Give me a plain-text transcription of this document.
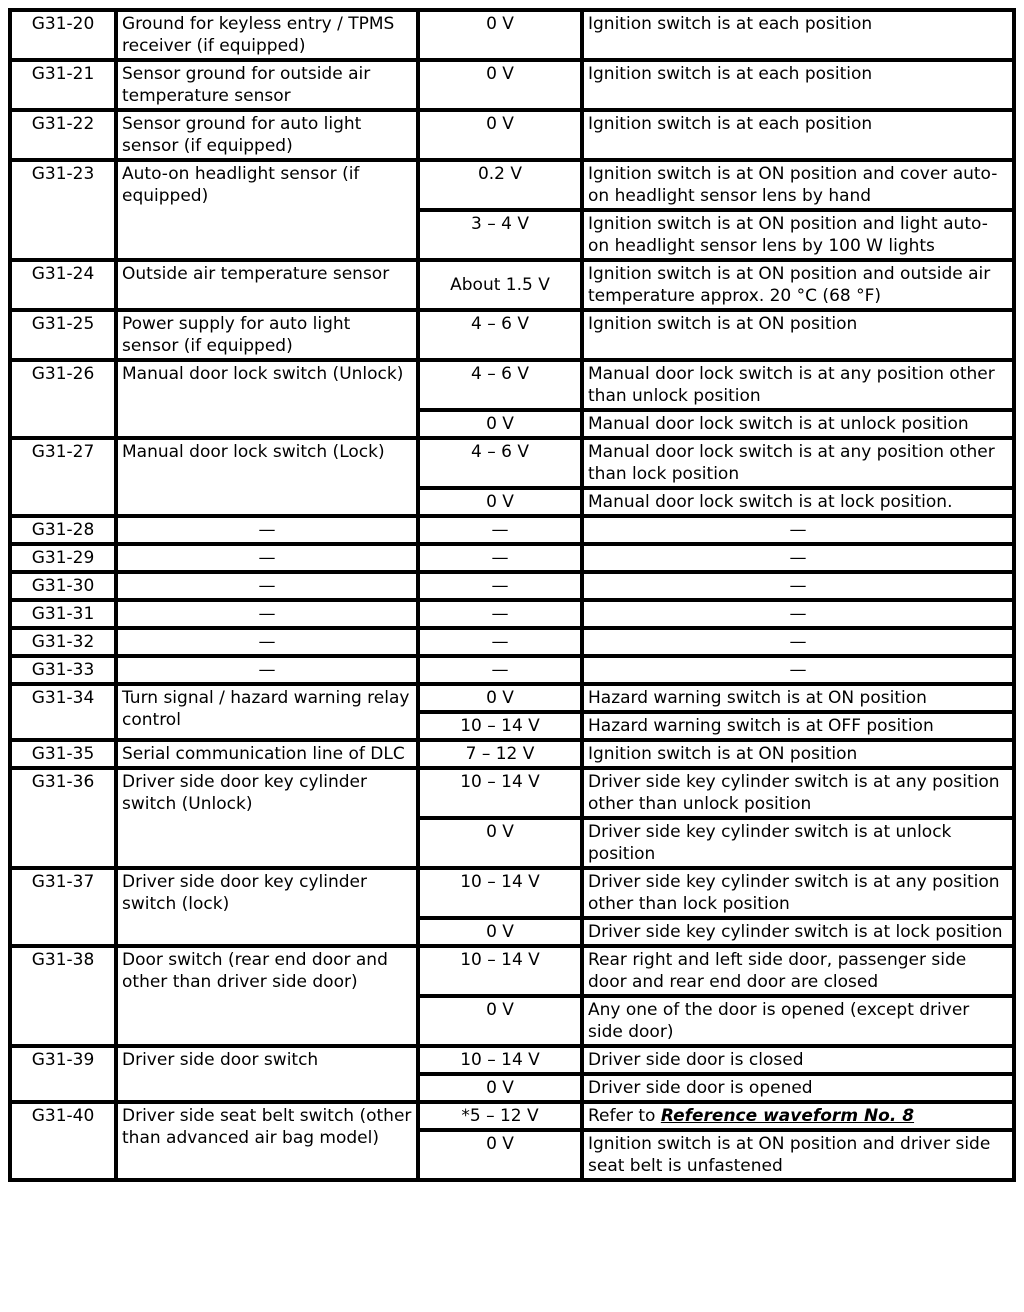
G31-20	Ground for keyless entry / TPMS receiver (if equipped)	0 V	Ignition switch is at each position
G31-21	Sensor ground for outside air temperature sensor	0 V	Ignition switch is at each position
G31-22	Sensor ground for auto light sensor (if equipped)	0 V	Ignition switch is at each position
G31-23	Auto-on headlight sensor (if equipped)	0.2 V	Ignition switch is at ON position and cover auto-on headlight sensor lens by hand
		3 – 4 V	Ignition switch is at ON position and light auto-on headlight sensor lens by 100 W lights
G31-24	Outside air temperature sensor	About 1.5 V	Ignition switch is at ON position and outside air temperature approx. 20 °C (68 °F)
G31-25	Power supply for auto light sensor (if equipped)	4 – 6 V	Ignition switch is at ON position
G31-26	Manual door lock switch (Unlock)	4 – 6 V	Manual door lock switch is at any position other than unlock position
		0 V	Manual door lock switch is at unlock position
G31-27	Manual door lock switch (Lock)	4 – 6 V	Manual door lock switch is at any position other than lock position
		0 V	Manual door lock switch is at lock position.
G31-28	—	—	—
G31-29	—	—	—
G31-30	—	—	—
G31-31	—	—	—
G31-32	—	—	—
G31-33	—	—	—
G31-34	Turn signal / hazard warning relay control	0 V	Hazard warning switch is at ON position
		10 – 14 V	Hazard warning switch is at OFF position
G31-35	Serial communication line of DLC	7 – 12 V	Ignition switch is at ON position
G31-36	Driver side door key cylinder switch (Unlock)	10 – 14 V	Driver side key cylinder switch is at any position other than unlock position
		0 V	Driver side key cylinder switch is at unlock position
G31-37	Driver side door key cylinder switch (lock)	10 – 14 V	Driver side key cylinder switch is at any position other than lock position
		0 V	Driver side key cylinder switch is at lock position
G31-38	Door switch (rear end door and other than driver side door)	10 – 14 V	Rear right and left side door, passenger side door and rear end door are closed
		0 V	Any one of the door is opened (except driver side door)
G31-39	Driver side door switch	10 – 14 V	Driver side door is closed
		0 V	Driver side door is opened
G31-40	Driver side seat belt switch (other than advanced air bag model)	*5 – 12 V	Refer to Reference waveform No. 8
		0 V	Ignition switch is at ON position and driver side seat belt is unfastened
